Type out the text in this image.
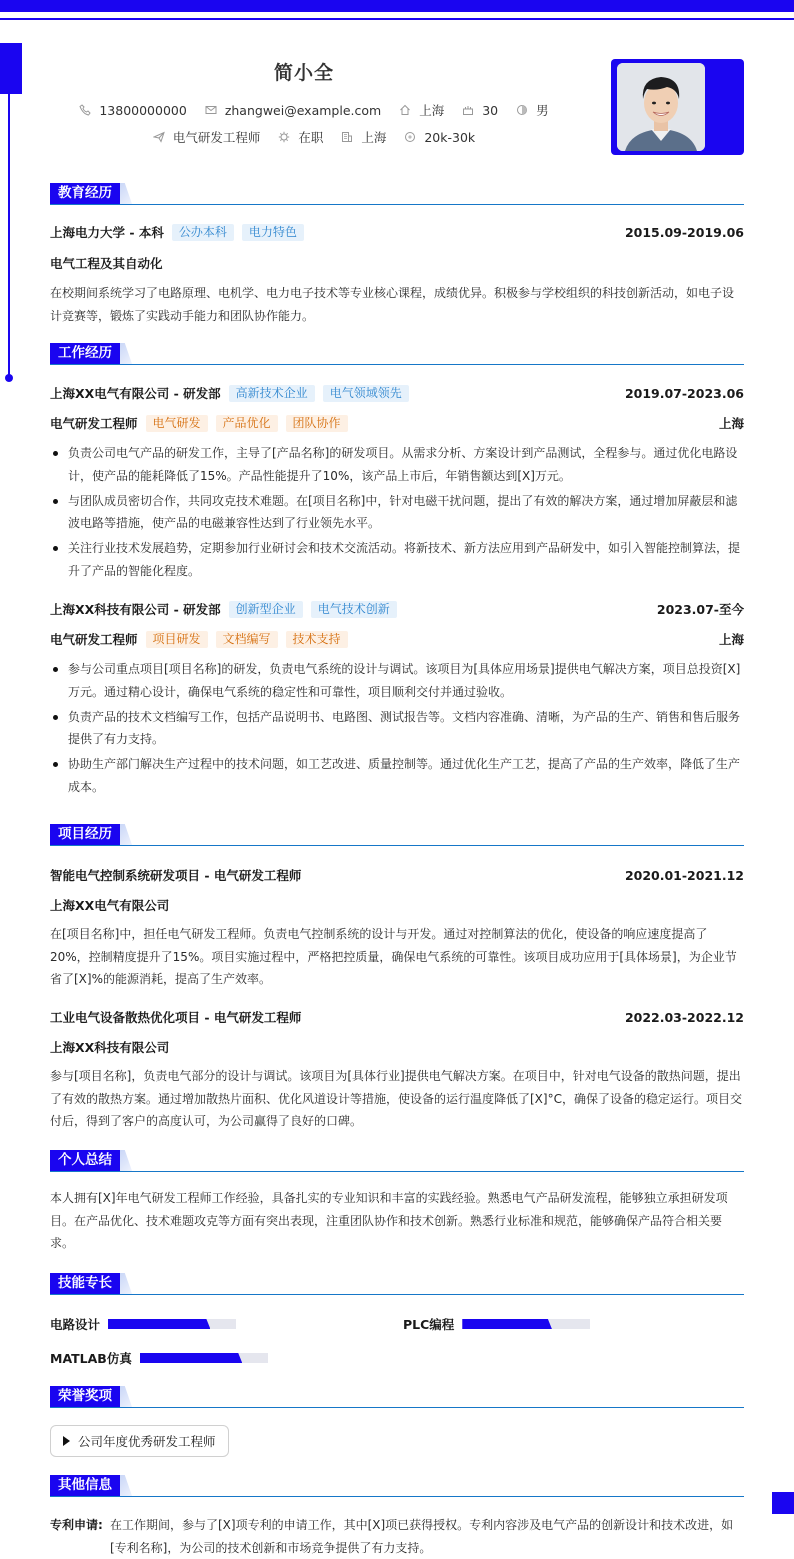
简小全
13800000000	zhangwei@example.com	上海	30	男
电气研发工程师	在职	上海	20k-30k
教育经历
上海电力大学 - 本科	公办本科	电力特色	2015.09-2019.06
电气工程及其自动化
在校期间系统学习了电路原理、电机学、电力电子技术等专业核心课程，成绩优异。积极参与学校组织的科技创新活动，如电子设计竞赛等，锻炼了实践动手能力和团队协作能力。
工作经历
上海XX电气有限公司 - 研发部	高新技术企业	电气领域领先	2019.07-2023.06
电气研发工程师	电气研发	产品优化	团队协作	上海
负责公司电气产品的研发工作，主导了[产品名称]的研发项目。从需求分析、方案设计到产品测试，全程参与。通过优化电路设计，使产品的能耗降低了15%。产品性能提升了10%，该产品上市后，年销售额达到[X]万元。
与团队成员密切合作，共同攻克技术难题。在[项目名称]中，针对电磁干扰问题，提出了有效的解决方案，通过增加屏蔽层和滤波电路等措施，使产品的电磁兼容性达到了行业领先水平。
关注行业技术发展趋势，定期参加行业研讨会和技术交流活动。将新技术、新方法应用到产品研发中，如引入智能控制算法，提升了产品的智能化程度。
上海XX科技有限公司 - 研发部	创新型企业	电气技术创新	2023.07-至今
电气研发工程师	项目研发	文档编写	技术支持	上海
参与公司重点项目[项目名称]的研发，负责电气系统的设计与调试。该项目为[具体应用场景]提供电气解决方案，项目总投资[X]万元。通过精心设计，确保电气系统的稳定性和可靠性，项目顺利交付并通过验收。
负责产品的技术文档编写工作，包括产品说明书、电路图、测试报告等。文档内容准确、清晰，为产品的生产、销售和售后服务提供了有力支持。
协助生产部门解决生产过程中的技术问题，如工艺改进、质量控制等。通过优化生产工艺，提高了产品的生产效率，降低了生产成本。
项目经历
智能电气控制系统研发项目 - 电气研发工程师	2020.01-2021.12
上海XX电气有限公司
在[项目名称]中，担任电气研发工程师。负责电气控制系统的设计与开发。通过对控制算法的优化，使设备的响应速度提高了20%，控制精度提升了15%。项目实施过程中，严格把控质量，确保电气系统的可靠性。该项目成功应用于[具体场景]，为企业节省了[X]%的能源消耗，提高了生产效率。
工业电气设备散热优化项目 - 电气研发工程师	2022.03-2022.12
上海XX科技有限公司
参与[项目名称]，负责电气部分的设计与调试。该项目为[具体行业]提供电气解决方案。在项目中，针对电气设备的散热问题，提出了有效的散热方案。通过增加散热片面积、优化风道设计等措施，使设备的运行温度降低了[X]°C，确保了设备的稳定运行。项目交付后，得到了客户的高度认可，为公司赢得了良好的口碑。
个人总结
本人拥有[X]年电气研发工程师工作经验，具备扎实的专业知识和丰富的实践经验。熟悉电气产品研发流程，能够独立承担研发项目。在产品优化、技术难题攻克等方面有突出表现，注重团队协作和技术创新。熟悉行业标准和规范，能够确保产品符合相关要求。
技能专长
电路设计	PLC编程
MATLAB仿真
荣誉奖项
公司年度优秀研发工程师
其他信息
专利申请: 在工作期间，参与了[X]项专利的申请工作，其中[X]项已获得授权。专利内容涉及电气产品的创新设计和技术改进，如[专利名称]，为公司的技术创新和市场竞争提供了有力支持。
